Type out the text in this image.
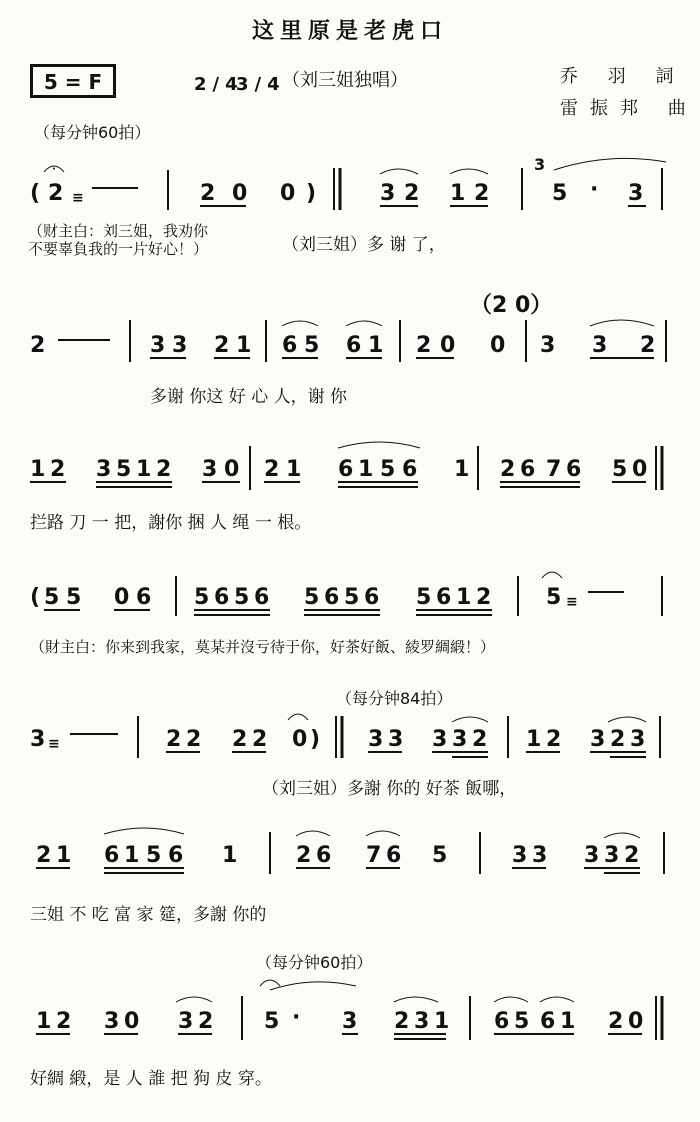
这里原是老虎口
5 = F	2/4
3/4
（刘三姐独唱）	乔 羽 詞
雷振邦 曲
（每分钟60拍）
( 2
·
≡	2 0 0 )	3 2 1 2
3
5 · 3
2	3 3 2 1 6 5 6 1 2 0 0 3 3 2
1 2 3 5 1 2 3 0 2 1 6 1 5 6 1 2 6 7 6 5 0
( 5 5 0 6 5 6 5 6 5 6 5 6 5 6 1 2 5 ≡
3 ≡	2 2 2 2 0 ) 3 3 3 3 2 1 2 3 2 3
2 1 6 1 5 6 1	2 6 7 6 5	3 3 3 3 2
1 2 3 0 3 2 5 · 3 2 3 1 6 5 6 1 2 0
（财主白：刘三姐，我劝你
不要辜負我的一片好心！）	（刘三姐）多 谢 了，
（2 0）
多谢 你这 好 心 人，谢 你
拦路 刀 一 把，謝你 捆 人 绳 一 根。
（財主白：你来到我家，莫某并沒亏待于你，好茶好飯、綾罗綢緞！）
（每分钟84拍）
（刘三姐）多謝 你的 好茶 飯哪，
三姐 不 吃 富 家 筵，多謝 你的
（每分钟60拍）
好綢 緞，是 人 誰 把 狗 皮 穿。
